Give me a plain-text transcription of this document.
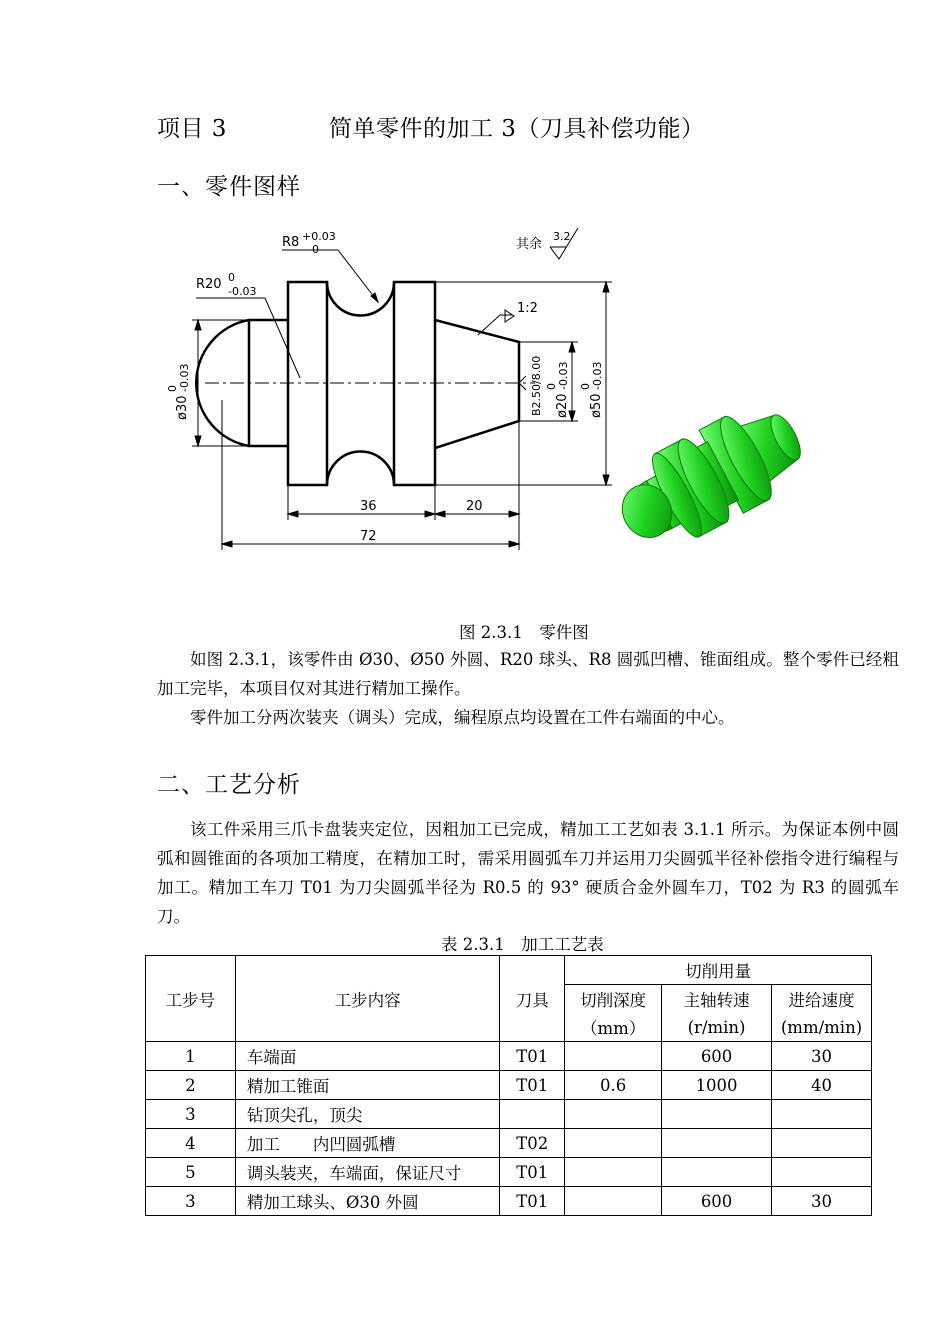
项目 3	简单零件的加工 3（刀具补偿功能）
一、零件图样
R8 +0.03
0	其余
3.2
R20 0
-0.03
1:2
36	20
72
ø30
0 -0.03	B2.50/8.00 ø20
0 -0.03
ø50
0 -0.03
图 2.3.1　零件图

如图 2.3.1，该零件由 Ø30、Ø50 外圆、R20 球头、R8 圆弧凹槽、锥面组成。整个零件已经粗加工完毕，本项目仅对其进行精加工操作。

零件加工分两次装夹（调头）完成，编程原点均设置在工件右端面的中心。

二、工艺分析

该工件采用三爪卡盘装夹定位，因粗加工已完成，精加工工艺如表 3.1.1 所示。为保证本例中圆弧和圆锥面的各项加工精度，在精加工时，需采用圆弧车刀并运用刀尖圆弧半径补偿指令进行编程与加工。精加工车刀 T01 为刀尖圆弧半径为 R0.5 的 93° 硬质合金外圆车刀，T02 为 R3 的圆弧车刀。

表 2.3.1　加工工艺表
工步号	工步内容	刀具	切削用量		
			切削深度	主轴转速	进给速度
			（mm）	(r/min)	(mm/min)
1	车端面	T01		600	30
2	精加工锥面	T01	0.6	1000	40
3	钻顶尖孔，顶尖				
4	加工　　内凹圆弧槽	T02			
5	调头装夹，车端面，保证尺寸	T01			
3	精加工球头、Ø30 外圆	T01		600	30
